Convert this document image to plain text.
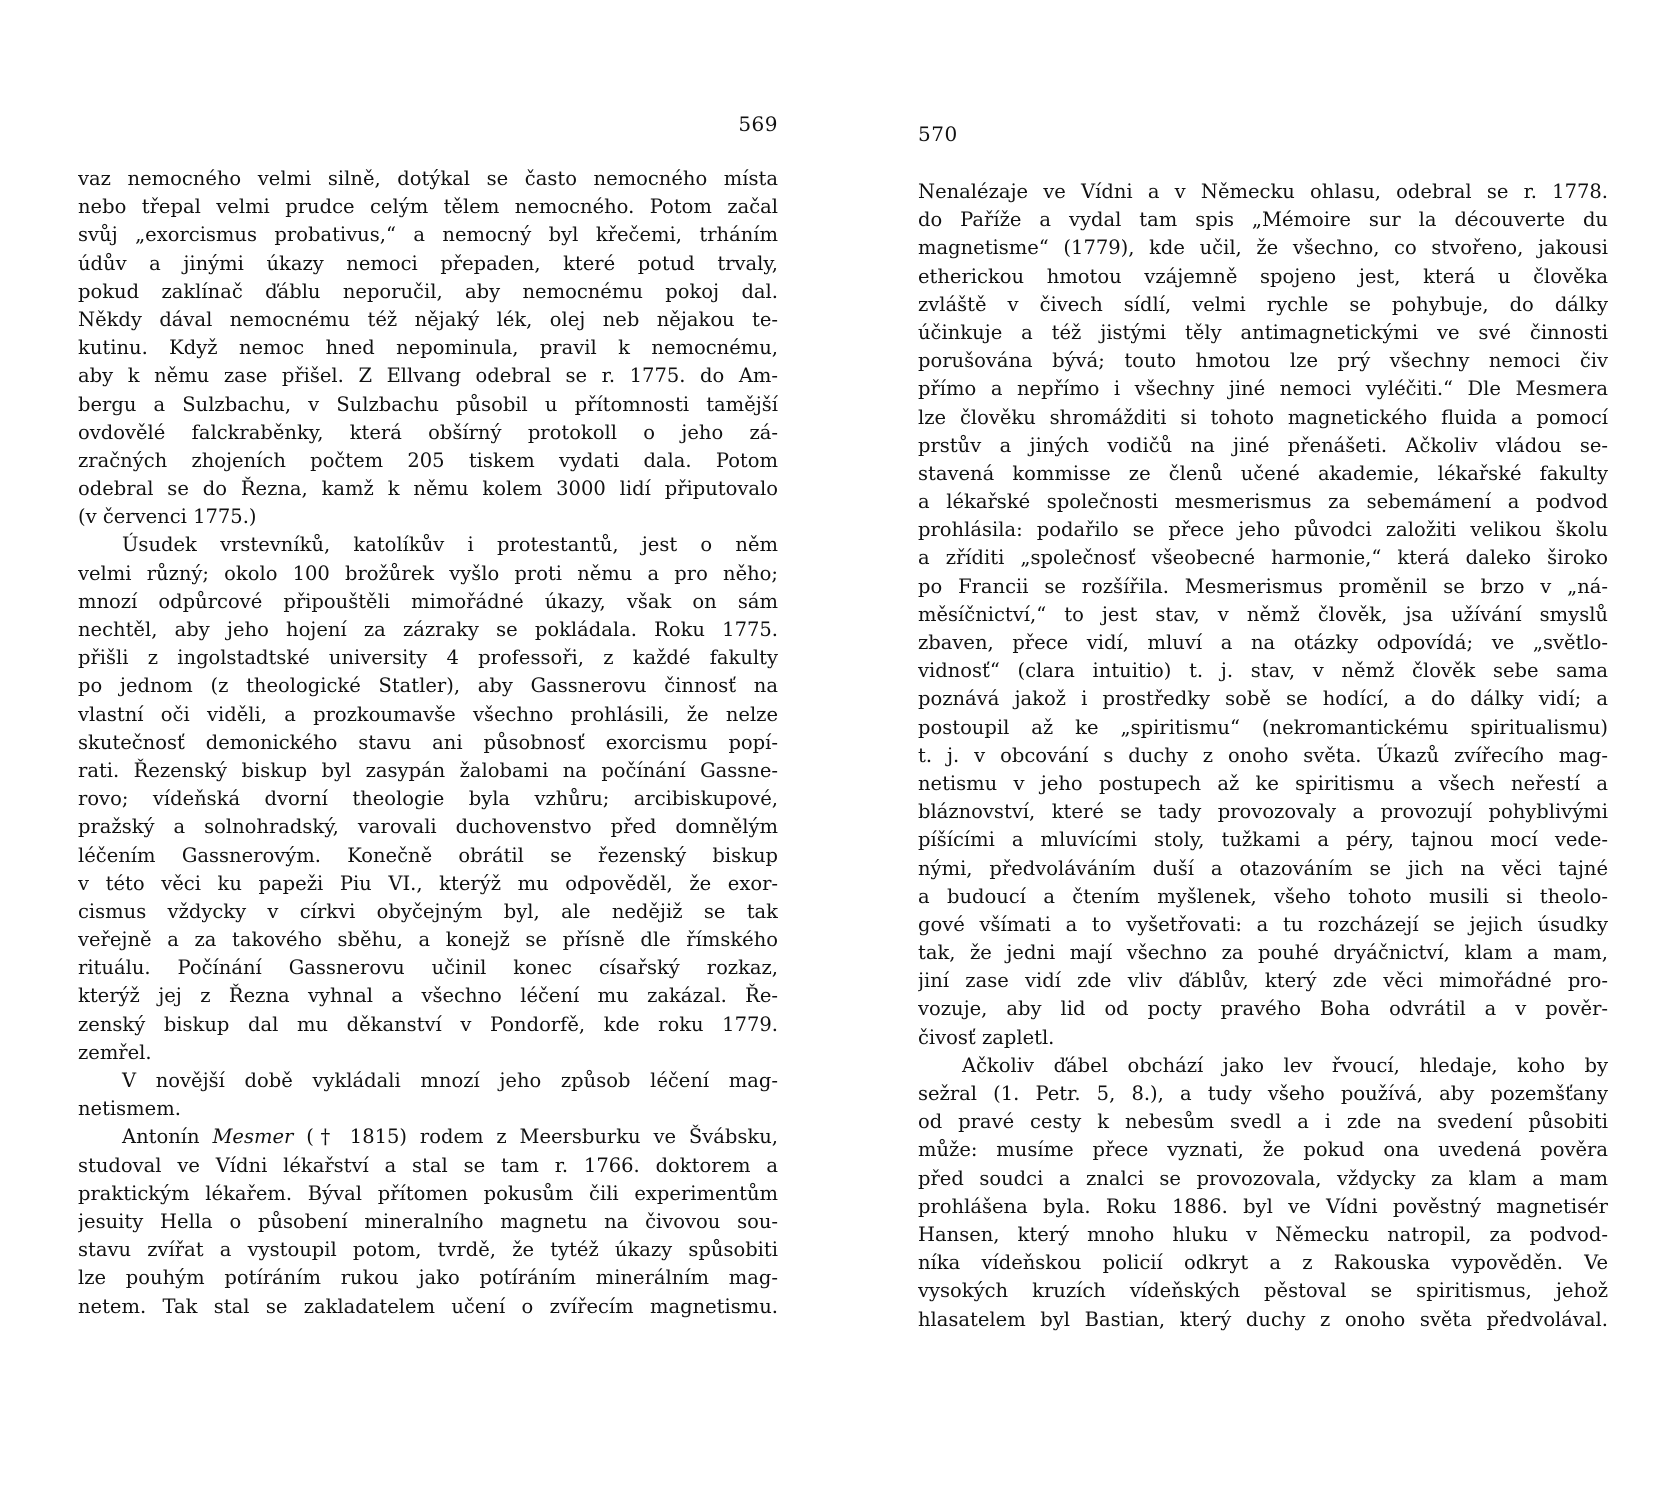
569
vaz nemocného velmi silně, dotýkal se často nemocného místa
nebo třepal velmi prudce celým tělem nemocného. Potom začal
svůj „exorcismus probativus,“ a nemocný byl křečemi, trháním
údův a jinými úkazy nemoci přepaden, které potud trvaly,
pokud zaklínač ďáblu neporučil, aby nemocnému pokoj dal.
Někdy dával nemocnému též nějaký lék, olej neb nějakou te-
kutinu. Když nemoc hned nepominula, pravil k nemocnému,
aby k němu zase přišel. Z Ellvang odebral se r. 1775. do Am-
bergu a Sulzbachu, v Sulzbachu působil u přítomnosti tamější
ovdovělé falckraběnky, která obšírný protokoll o jeho zá-
zračných zhojeních počtem 205 tiskem vydati dala. Potom
odebral se do Řezna, kamž k němu kolem 3000 lidí připutovalo
(v červenci 1775.)
Úsudek vrstevníků, katolíkův i protestantů, jest o něm
velmi různý; okolo 100 brožůrek vyšlo proti němu a pro něho;
mnozí odpůrcové připouštěli mimořádné úkazy, však on sám
nechtěl, aby jeho hojení za zázraky se pokládala. Roku 1775.
přišli z ingolstadtské university 4 professoři, z každé fakulty
po jednom (z theologické Statler), aby Gassnerovu činnosť na
vlastní oči viděli, a prozkoumavše všechno prohlásili, že nelze
skutečnosť demonického stavu ani působnosť exorcismu popí-
rati. Řezenský biskup byl zasypán žalobami na počínání Gassne-
rovo; vídeňská dvorní theologie byla vzhůru; arcibiskupové,
pražský a solnohradský, varovali duchovenstvo před domnělým
léčením Gassnerovým. Konečně obrátil se řezenský biskup
v této věci ku papeži Piu VI., kterýž mu odpověděl, že exor-
cismus vždycky v církvi obyčejným byl, ale nedějiž se tak
veřejně a za takového sběhu, a konejž se přísně dle římského
rituálu. Počínání Gassnerovu učinil konec císařský rozkaz,
kterýž jej z Řezna vyhnal a všechno léčení mu zakázal. Ře-
zenský biskup dal mu děkanství v Pondorfě, kde roku 1779.
zemřel.
V novější době vykládali mnozí jeho způsob léčení mag-
netismem.
Antonín Mesmer († 1815) rodem z Meersburku ve Švábsku,
studoval ve Vídni lékařství a stal se tam r. 1766. doktorem a
praktickým lékařem. Býval přítomen pokusům čili experimentům
jesuity Hella o působení mineralního magnetu na čivovou sou-
stavu zvířat a vystoupil potom, tvrdě, že tytéž úkazy spůsobiti
lze pouhým potíráním rukou jako potíráním minerálním mag-
netem. Tak stal se zakladatelem učení o zvířecím magnetismu.
570
Nenalézaje ve Vídni a v Německu ohlasu, odebral se r. 1778.
do Paříže a vydal tam spis „Mémoire sur la découverte du
magnetisme“ (1779), kde učil, že všechno, co stvořeno, jakousi
etherickou hmotou vzájemně spojeno jest, která u člověka
zvláště v čivech sídlí, velmi rychle se pohybuje, do dálky
účinkuje a též jistými těly antimagnetickými ve své činnosti
porušována bývá; touto hmotou lze prý všechny nemoci čiv
přímo a nepřímo i všechny jiné nemoci vyléčiti.“ Dle Mesmera
lze člověku shromážditi si tohoto magnetického fluida a pomocí
prstův a jiných vodičů na jiné přenášeti. Ačkoliv vládou se-
stavená kommisse ze členů učené akademie, lékařské fakulty
a lékařské společnosti mesmerismus za sebemámení a podvod
prohlásila: podařilo se přece jeho původci založiti velikou školu
a zříditi „společnosť všeobecné harmonie,“ která daleko široko
po Francii se rozšířila. Mesmerismus proměnil se brzo v „ná-
měsíčnictví,“ to jest stav, v němž člověk, jsa užívání smyslů
zbaven, přece vidí, mluví a na otázky odpovídá; ve „světlo-
vidnosť“ (clara intuitio) t. j. stav, v němž člověk sebe sama
poznává jakož i prostředky sobě se hodící, a do dálky vidí; a
postoupil až ke „spiritismu“ (nekromantickému spiritualismu)
t. j. v obcování s duchy z onoho světa. Úkazů zvířecího mag-
netismu v jeho postupech až ke spiritismu a všech neřestí a
bláznovství, které se tady provozovaly a provozují pohyblivými
píšícími a mluvícími stoly, tužkami a péry, tajnou mocí vede-
nými, předvoláváním duší a otazováním se jich na věci tajné
a budoucí a čtením myšlenek, všeho tohoto musili si theolo-
gové všímati a to vyšetřovati: a tu rozcházejí se jejich úsudky
tak, že jedni mají všechno za pouhé dryáčnictví, klam a mam,
jiní zase vidí zde vliv ďáblův, který zde věci mimořádné pro-
vozuje, aby lid od pocty pravého Boha odvrátil a v pověr-
čivosť zapletl.
Ačkoliv ďábel obchází jako lev řvoucí, hledaje, koho by
sežral (1. Petr. 5, 8.), a tudy všeho používá, aby pozemšťany
od pravé cesty k nebesům svedl a i zde na svedení působiti
může: musíme přece vyznati, že pokud ona uvedená pověra
před soudci a znalci se provozovala, vždycky za klam a mam
prohlášena byla. Roku 1886. byl ve Vídni pověstný magnetisér
Hansen, který mnoho hluku v Německu natropil, za podvod-
níka vídeňskou policií odkryt a z Rakouska vypověděn. Ve
vysokých kruzích vídeňských pěstoval se spiritismus, jehož
hlasatelem byl Bastian, který duchy z onoho světa předvolával.
